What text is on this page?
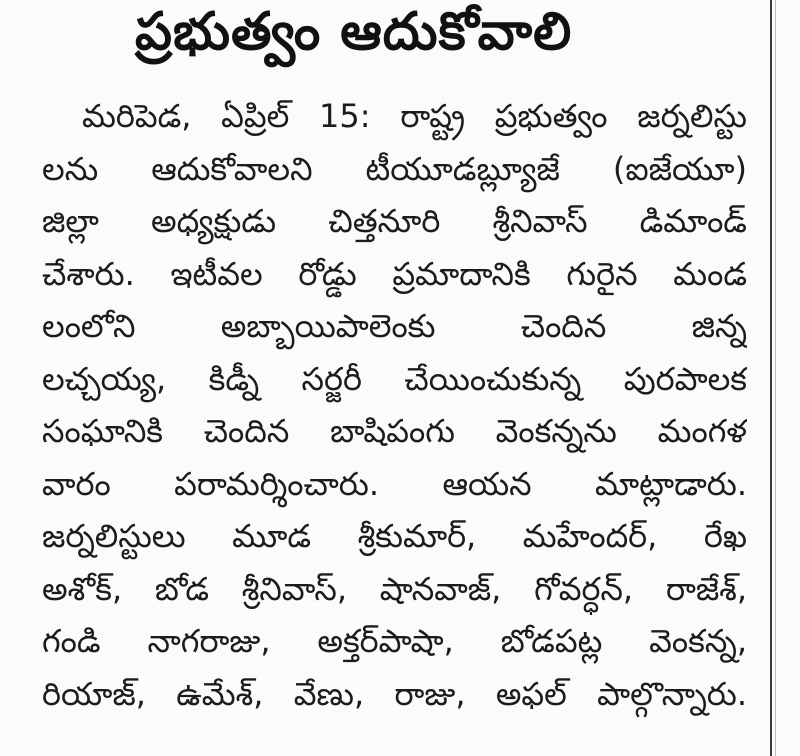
ప్రభుత్వం ఆదుకోవాలి
మరిపెడ, ఏప్రిల్ 15: రాష్ట్ర ప్రభుత్వం జర్నలిస్టు
లను ఆదుకోవాలని టీయూడబ్ల్యూజే (ఐజేయూ)
జిల్లా అధ్యక్షుడు చిత్తనూరి శ్రీనివాస్ డిమాండ్
చేశారు. ఇటీవల రోడ్డు ప్రమాదానికి గురైన మండ
లంలోని అబ్బాయిపాలెంకు చెందిన జిన్న
లచ్చయ్య, కిడ్నీ సర్జరీ చేయించుకున్న పురపాలక
సంఘానికి చెందిన బాషిపంగు వెంకన్నను మంగళ
వారం పరామర్శించారు. ఆయన మాట్లాడారు.
జర్నలిస్టులు మూడ శ్రీకుమార్, మహేందర్, రేఖ
అశోక్, బోడ శ్రీనివాస్, షానవాజ్, గోవర్ధన్, రాజేశ్,
గండి నాగరాజు, అక్తర్‌పాషా, బోడపట్ల వెంకన్న,
రియాజ్, ఉమేశ్, వేణు, రాజు, అఫల్ పాల్గొన్నారు.
